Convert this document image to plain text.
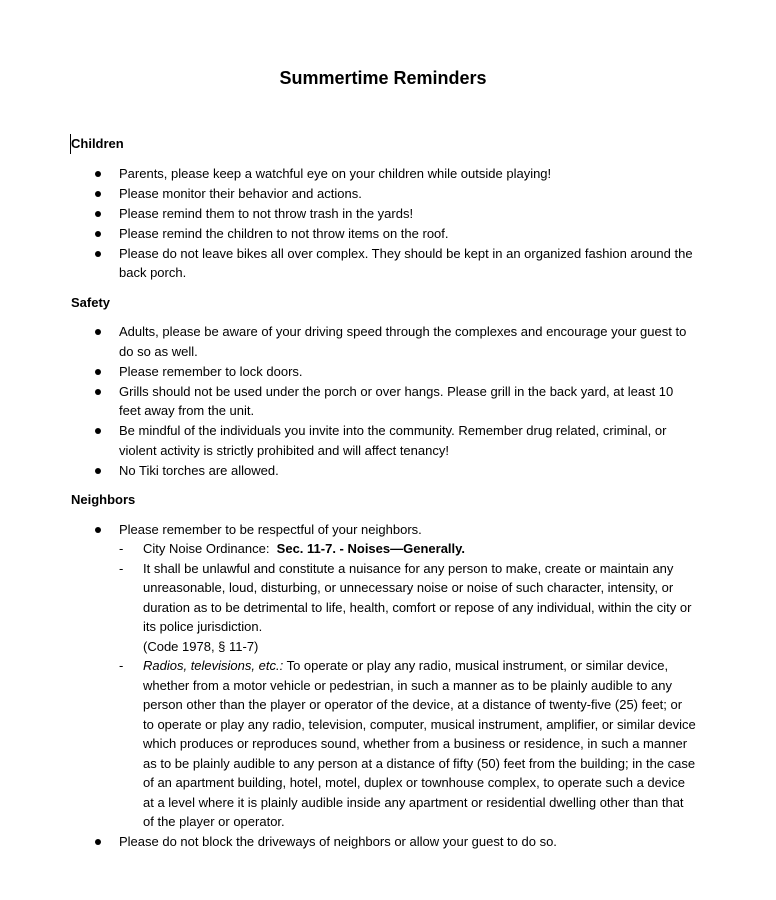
Summertime Reminders

Children

Parents, please keep a watchful eye on your children while outside playing!
Please monitor their behavior and actions.
Please remind them to not throw trash in the yards!
Please remind the children to not throw items on the roof.
Please do not leave bikes all over complex. They should be kept in an organized fashion around the back porch.

Safety

Adults, please be aware of your driving speed through the complexes and encourage your guest to do so as well.
Please remember to lock doors.
Grills should not be used under the porch or over hangs. Please grill in the back yard, at least 10 feet away from the unit.
Be mindful of the individuals you invite into the community. Remember drug related, criminal, or violent activity is strictly prohibited and will affect tenancy!
No Tiki torches are allowed.

Neighbors

Please remember to be respectful of your neighbors.
- City Noise Ordinance:  Sec. 11-7. - Noises—Generally.
- It shall be unlawful and constitute a nuisance for any person to make, create or maintain any unreasonable, loud, disturbing, or unnecessary noise or noise of such character, intensity, or duration as to be detrimental to life, health, comfort or repose of any individual, within the city or its police jurisdiction.
(Code 1978, § 11-7)
- Radios, televisions, etc.: To operate or play any radio, musical instrument, or similar device, whether from a motor vehicle or pedestrian, in such a manner as to be plainly audible to any person other than the player or operator of the device, at a distance of twenty-five (25) feet; or to operate or play any radio, television, computer, musical instrument, amplifier, or similar device which produces or reproduces sound, whether from a business or residence, in such a manner as to be plainly audible to any person at a distance of fifty (50) feet from the building; in the case of an apartment building, hotel, motel, duplex or townhouse complex, to operate such a device at a level where it is plainly audible inside any apartment or residential dwelling other than that of the player or operator.
Please do not block the driveways of neighbors or allow your guest to do so.
